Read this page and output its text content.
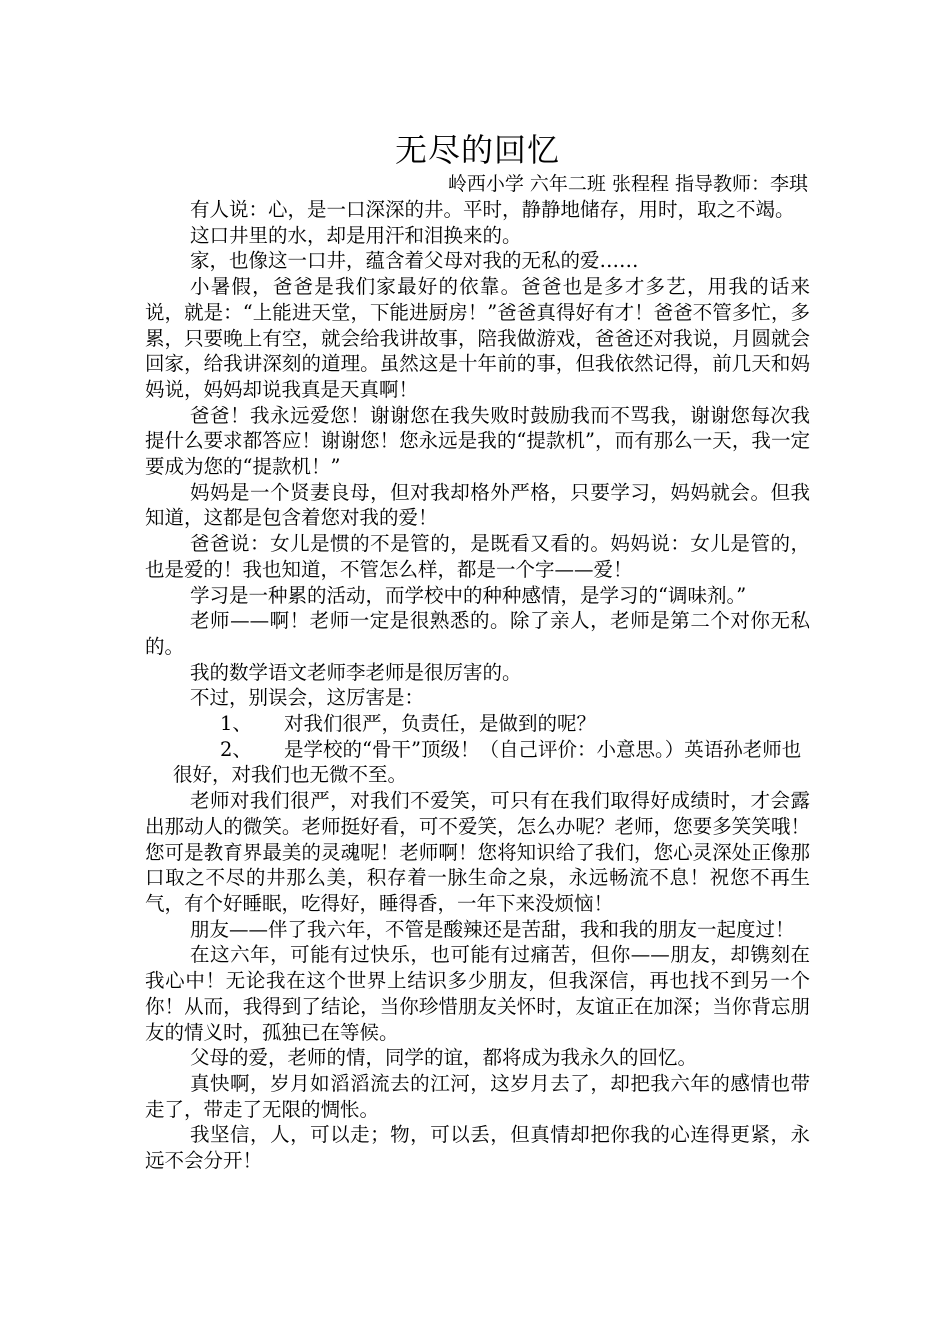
无尽的回忆

岭西小学 六年二班 张程程 指导教师：李琪

有人说：心，是一口深深的井。平时，静静地储存，用时，取之不竭。

这口井里的水，却是用汗和泪换来的。

家，也像这一口井，蕴含着父母对我的无私的爱……

小暑假，爸爸是我们家最好的依靠。爸爸也是多才多艺，用我的话来说，就是：“上能进天堂，下能进厨房！”爸爸真得好有才！爸爸不管多忙，多累，只要晚上有空，就会给我讲故事，陪我做游戏，爸爸还对我说，月圆就会回家，给我讲深刻的道理。虽然这是十年前的事，但我依然记得，前几天和妈妈说，妈妈却说我真是天真啊！

爸爸！我永远爱您！谢谢您在我失败时鼓励我而不骂我，谢谢您每次我提什么要求都答应！谢谢您！您永远是我的“提款机”，而有那么一天，我一定要成为您的“提款机！”

妈妈是一个贤妻良母，但对我却格外严格，只要学习，妈妈就会。但我知道，这都是包含着您对我的爱！

爸爸说：女儿是惯的不是管的，是既看又看的。妈妈说：女儿是管的，也是爱的！我也知道，不管怎么样，都是一个字——爱！

学习是一种累的活动，而学校中的种种感情，是学习的“调味剂。”

老师——啊！老师一定是很熟悉的。除了亲人，老师是第二个对你无私的。

我的数学语文老师李老师是很厉害的。

不过，别误会，这厉害是：

1、	对我们很严，负责任，是做到的呢？

2、 是学校的“骨干”顶级！（自己评价：小意思。）英语孙老师也很好，对我们也无微不至。

老师对我们很严，对我们不爱笑，可只有在我们取得好成绩时，才会露出那动人的微笑。老师挺好看，可不爱笑，怎么办呢？老师，您要多笑笑哦！您可是教育界最美的灵魂呢！老师啊！您将知识给了我们，您心灵深处正像那口取之不尽的井那么美，积存着一脉生命之泉，永远畅流不息！祝您不再生气，有个好睡眠，吃得好，睡得香，一年下来没烦恼！

朋友——伴了我六年，不管是酸辣还是苦甜，我和我的朋友一起度过！

在这六年，可能有过快乐，也可能有过痛苦，但你——朋友，却镌刻在我心中！无论我在这个世界上结识多少朋友，但我深信，再也找不到另一个你！从而，我得到了结论，当你珍惜朋友关怀时，友谊正在加深；当你背忘朋友的情义时，孤独已在等候。

父母的爱，老师的情，同学的谊，都将成为我永久的回忆。

真快啊，岁月如滔滔流去的江河，这岁月去了，却把我六年的感情也带走了，带走了无限的惆怅。

我坚信，人，可以走；物，可以丢，但真情却把你我的心连得更紧，永远不会分开！
